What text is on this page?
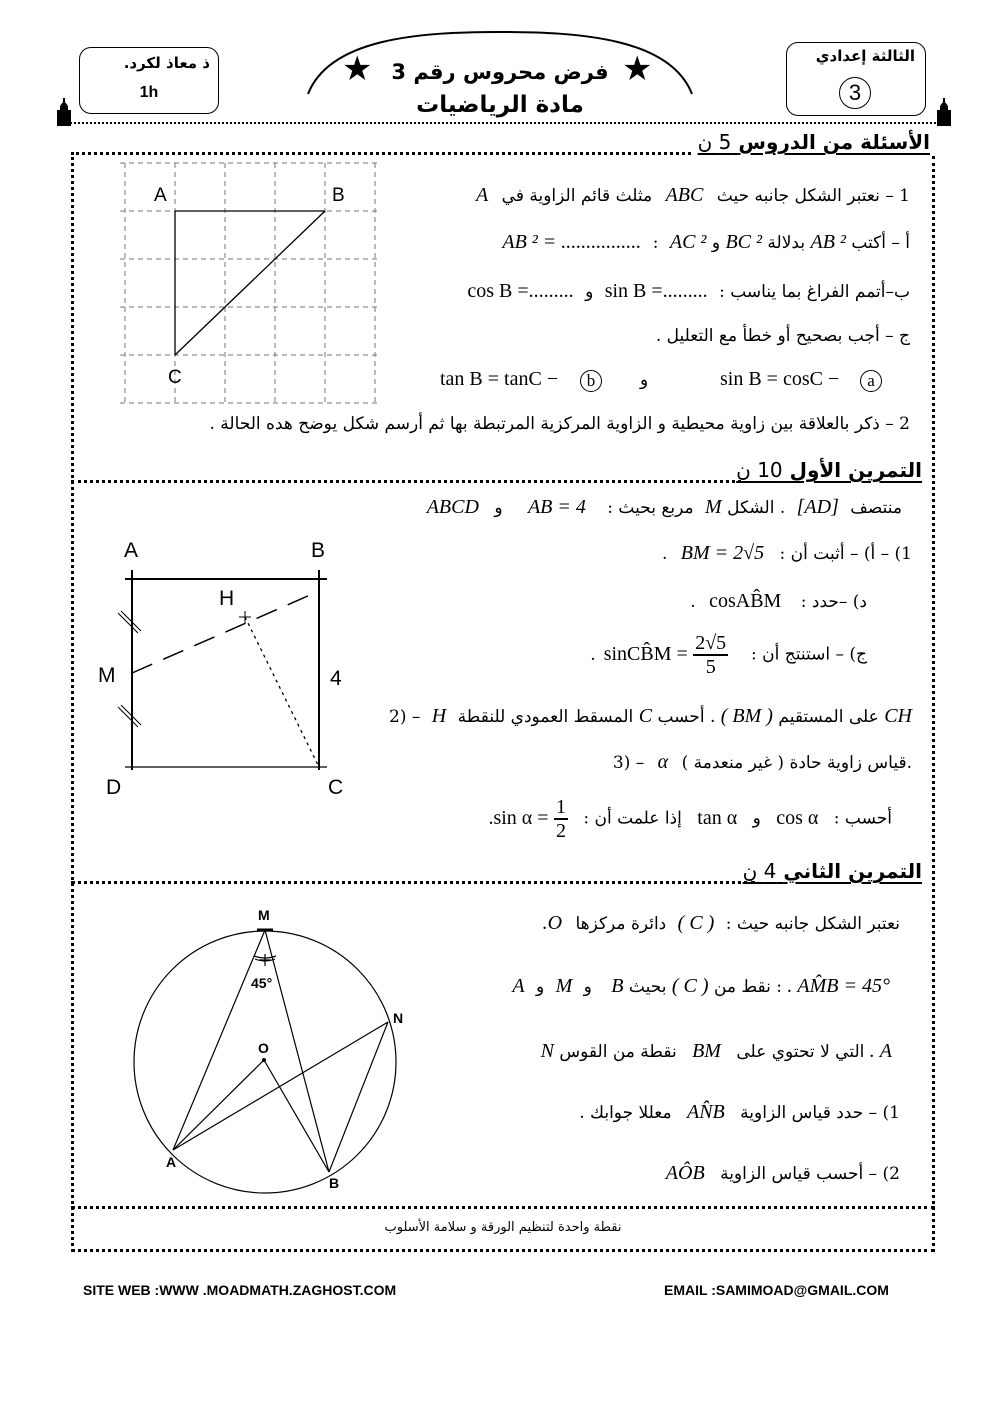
ذ معاذ لكرد.
1h
الثالثة إعدادي
3
★	★
فرض محروس رقم 3
مادة الرياضيات
الأسئلة من الدروس 5 ن
A	B
C
1 – نعتبر الشكل جانبه حيث ABC مثلث قائم الزاوية في A
أ – أكتب AB ² بدلالة BC ² و AC ² : AB ² = ................
ب–أتمم الفراغ بما يناسب : sin B =......... و cos B =.........
ج – أجب بصحيح أو خطأ مع التعليل .
tan B = tanC −	b	و	sin B = cosC −	a
2 – ذكر بالعلاقة بين زاوية محيطية و الزاوية المركزية المرتبطة بها ثم أرسم شكل يوضح هده الحالة .
التمرين الأول 10 ن
ABCD	مربع بحيث : AB = 4 و	M	منتصف [AD] . الشكل
A	B
H
M	4
D	C
1) – أ) – أثبت أن : BM = 2√5 .
د) –حدد : cosAB̂M .
ج) – استنتج أن : sinCB̂M = $\frac{2√5}{5}$
.
2) – H المسقط العمودي للنقطة C	على المستقيم ( BM ) . أحسب	CH
3) – α قياس زاوية حادة ( غير منعدمة ).
أحسب : cos α و tan α إذا علمت أن : .sin $\alpha = \frac{1}{2}$
التمرين الثاني 4 ن
M
45°
N
O
A
B
نعتبر الشكل جانبه حيث : ( C ) دائرة مركزها O.
A و M و B	نقط من ( C ) بحيث : . AM̂B = 45°
N نقطة من القوس BM التي لا تحتوي على A .
1) – حدد قياس الزاوية AN̂B معللا جوابك .
2) – أحسب قياس الزاوية AÔB
نقطة واحدة لتنظيم الورقة و سلامة الأسلوب
SITE WEB :WWW .MOADMATH.ZAGHOST.COM	EMAIL :SAMIMOAD@GMAIL.COM
